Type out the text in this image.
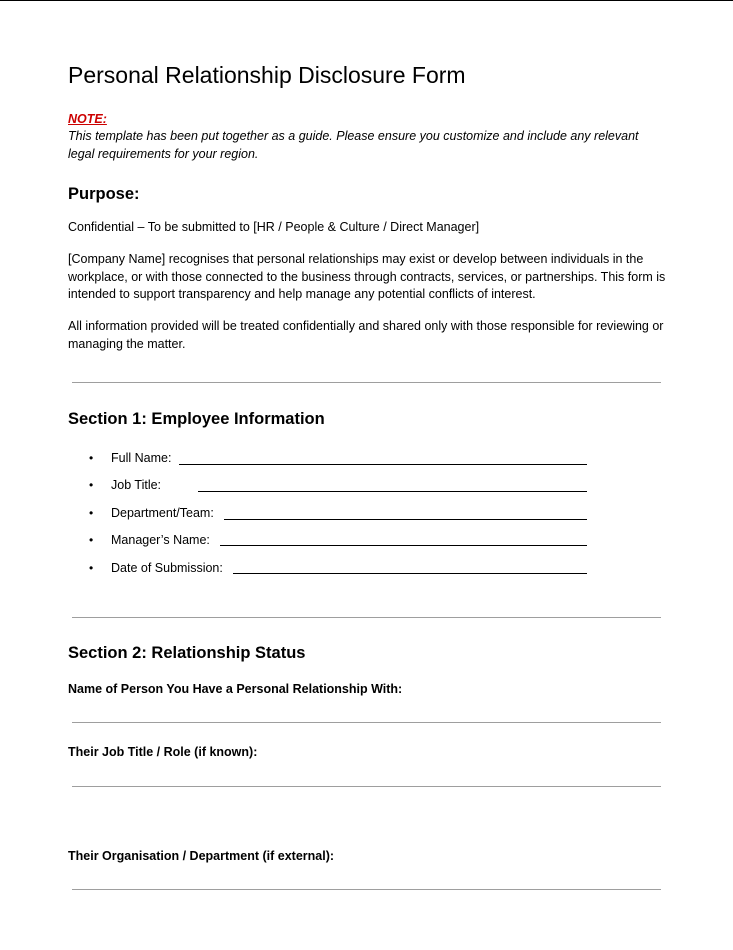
Personal Relationship Disclosure Form

NOTE:

This template has been put together as a guide. Please ensure you customize and include any relevant legal requirements for your region.

Purpose:

Confidential – To be submitted to [HR / People & Culture / Direct Manager]

[Company Name] recognises that personal relationships may exist or develop between individuals in the workplace, or with those connected to the business through contracts, services, or partnerships. This form is intended to support transparency and help manage any potential conflicts of interest.

All information provided will be treated confidentially and shared only with those responsible for reviewing or managing the matter.

Section 1: Employee Information
•	Full Name:
•	Job Title:
•	Department/Team:
•	Manager’s Name:
•	Date of Submission:
Section 2: Relationship Status

Name of Person You Have a Personal Relationship With:

Their Job Title / Role (if known):

Their Organisation / Department (if external):
